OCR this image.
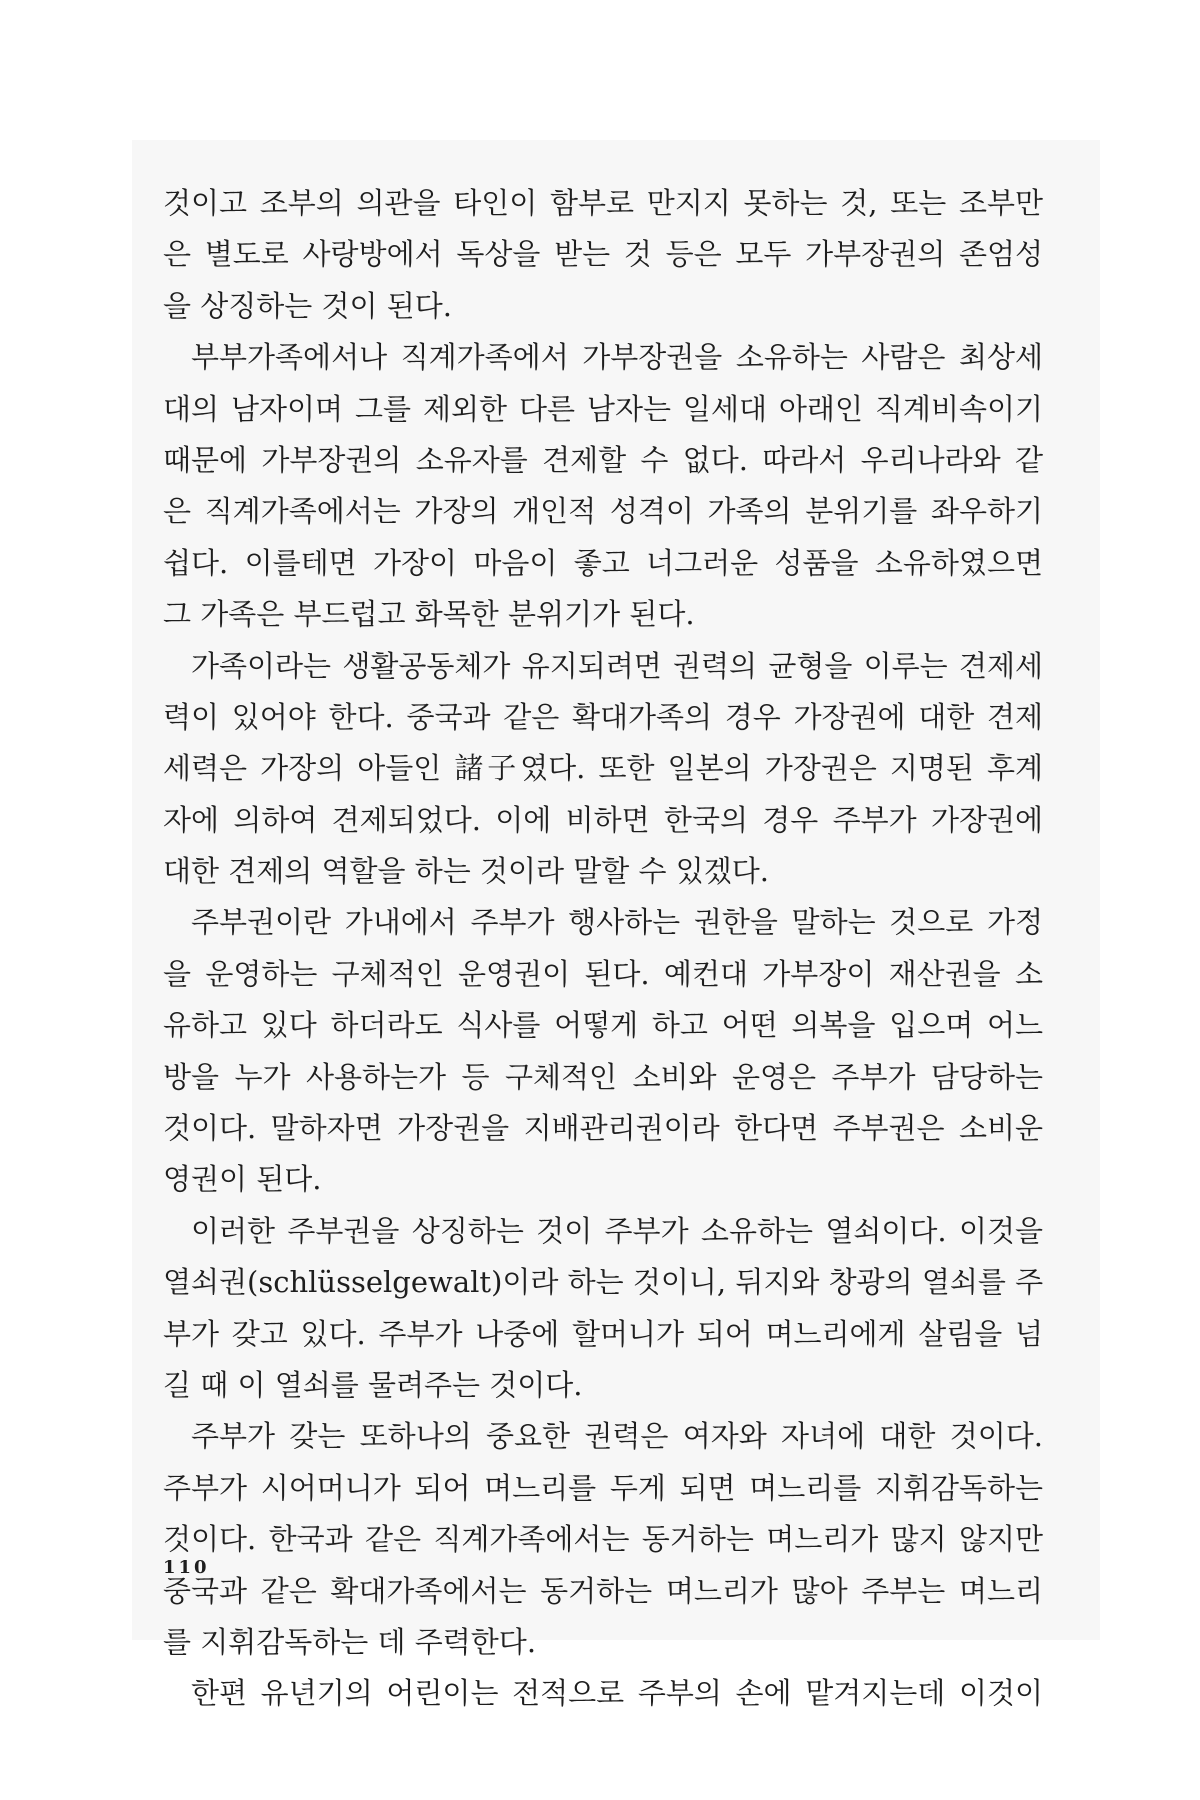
것이고 조부의 의관을 타인이 함부로 만지지 못하는 것, 또는 조부만
은 별도로 사랑방에서 독상을 받는 것 등은 모두 가부장권의 존엄성
을 상징하는 것이 된다.
부부가족에서나 직계가족에서 가부장권을 소유하는 사람은 최상세
대의 남자이며 그를 제외한 다른 남자는 일세대 아래인 직계비속이기
때문에 가부장권의 소유자를 견제할 수 없다. 따라서 우리나라와 같
은 직계가족에서는 가장의 개인적 성격이 가족의 분위기를 좌우하기
쉽다. 이를테면 가장이 마음이 좋고 너그러운 성품을 소유하였으면
그 가족은 부드럽고 화목한 분위기가 된다.
가족이라는 생활공동체가 유지되려면 권력의 균형을 이루는 견제세
력이 있어야 한다. 중국과 같은 확대가족의 경우 가장권에 대한 견제
세력은 가장의 아들인 諸子였다. 또한 일본의 가장권은 지명된 후계
자에 의하여 견제되었다. 이에 비하면 한국의 경우 주부가 가장권에
대한 견제의 역할을 하는 것이라 말할 수 있겠다.
주부권이란 가내에서 주부가 행사하는 권한을 말하는 것으로 가정
을 운영하는 구체적인 운영권이 된다. 예컨대 가부장이 재산권을 소
유하고 있다 하더라도 식사를 어떻게 하고 어떤 의복을 입으며 어느
방을 누가 사용하는가 등 구체적인 소비와 운영은 주부가 담당하는
것이다. 말하자면 가장권을 지배관리권이라 한다면 주부권은 소비운
영권이 된다.
이러한 주부권을 상징하는 것이 주부가 소유하는 열쇠이다. 이것을
열쇠권(schlüsselgewalt)이라 하는 것이니, 뒤지와 창광의 열쇠를 주
부가 갖고 있다. 주부가 나중에 할머니가 되어 며느리에게 살림을 넘
길 때 이 열쇠를 물려주는 것이다.
주부가 갖는 또하나의 중요한 권력은 여자와 자녀에 대한 것이다.
주부가 시어머니가 되어 며느리를 두게 되면 며느리를 지휘감독하는
것이다. 한국과 같은 직계가족에서는 동거하는 며느리가 많지 않지만
중국과 같은 확대가족에서는 동거하는 며느리가 많아 주부는 며느리
를 지휘감독하는 데 주력한다.
한편 유년기의 어린이는 전적으로 주부의 손에 맡겨지는데 이것이
110
